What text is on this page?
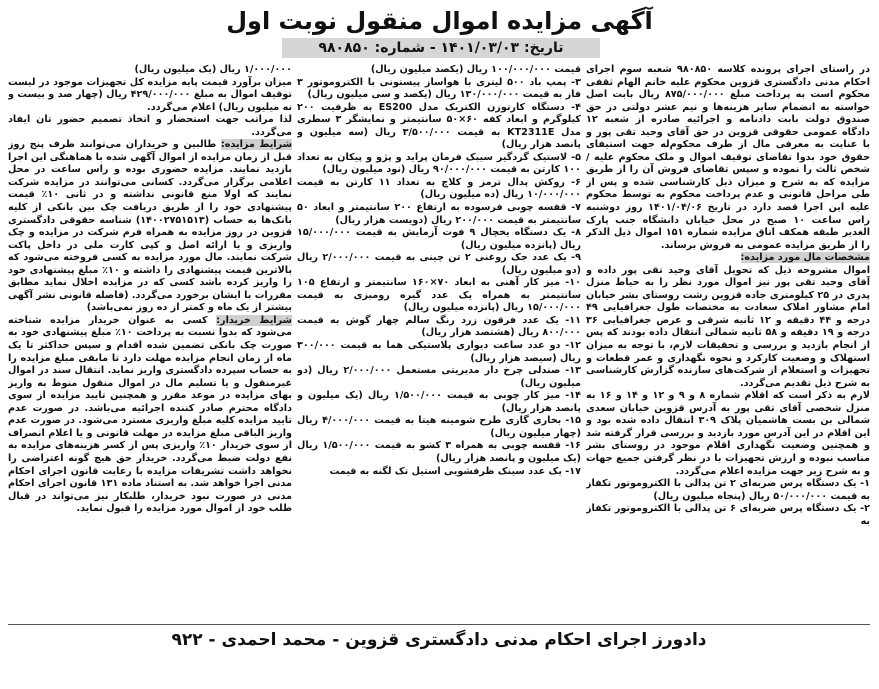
آگهی مزایده اموال منقول نوبت اول
تاریخ: ۱۴۰۱/۰۳/۰۳ - شماره: ۹۸۰۸۵۰

در راستای اجرای پرونده کلاسه ۹۸۰۸۵۰ شعبه سوم اجرای احکام مدنی دادگستری قزوین محکوم علیه خانم الهام ثقفی محکوم است به پرداخت مبلغ ۸۷۵/۰۰۰/۰۰۰ ریال بابت اصل خواسته به انضمام سایر هزینه‌ها و نیم عشر دولتی در حق صندوق دولت بابت دادنامه و اجرائیه صادره از شعبه ۱۲ دادگاه عمومی حقوقی قزوین در حق آقای وحید تقی پور و با عنایت به معرفی مال از طرف محکوم‌له جهت استیفای حقوق خود بدوا تقاضای توقیف اموال و ملک محکوم علیه / شخص ثالث را نموده و سپس تقاضای فروش آن را از طریق مزایده که به شرح و میزان ذیل کارشناسی شده و پس از طی مراحل قانونی و عدم پرداخت محکوم به توسط محکوم علیه این اجرا قصد دارد در تاریخ ۱۴۰۱/۰۴/۰۶ روز دوشنبه راس ساعت ۱۰ صبح در محل خیابان دانشگاه جنب پارک الغدیر طبقه همکف اتاق مزایده شماره ۱۵۱ اموال ذیل الذکر را از طریق مزایده عمومی به فروش برساند.

مشخصات مال مورد مزایده:

اموال مشروحه ذیل که تحویل آقای وحید تقی پور داده و آقای وحید تقی پور نیز اموال مورد نظر را به حیاط منزل پدری در ۲۵ کیلومتری جاده قزوین رشت روستای بشر خیابان امام مشاور املاک سعادت به مختصات طول جغرافیایی ۴۹ درجه و ۴۴ دقیقه و ۱۲ ثانیه شرقی و عرض جغرافیایی ۳۶ درجه و ۱۹ دقیقه و ۵۸ ثانیه شمالی انتقال داده بودند که پس از انجام بازدید و بررسی و تحقیقات لازم، با توجه به میزان استهلاک و وضعیت کارکرد و نحوه نگهداری و عمر قطعات و تجهیزات و استعلام از شرکت‌های سازنده گزارش کارشناسی به شرح ذیل تقدیم می‌گردد.

لازم به ذکر است که اقلام شماره ۸ و ۹ و ۱۲ و ۱۴ و ۱۶ به منزل شخصی آقای تقی پور به آدرس قزوین خیابان سعدی شمالی بن بست هاشمیان پلاک ۳۰۹ انتقال داده شده بود و این اقلام در این آدرس مورد بازدید و بررسی قرار گرفته شد و همچنین وضعیت نگهداری اقلام موجود در روستای بشر مناسب نبوده و ارزش تجهیزات با در نظر گرفتن جمیع جهات و به شرح زیر جهت مزایده اعلام می‌گردد.

۱- یک دستگاه پرس ضربه‌ای ۲ تن پدالی با الکتروموتور تکفاز به قیمت ۵۰/۰۰۰/۰۰۰ ریال (پنجاه میلیون ریال)

۲- یک دستگاه پرس ضربه‌ای ۶ تن پدالی با الکتروموتور تکفاز به

قیمت ۱۰۰/۰۰۰/۰۰۰ ریال (یکصد میلیون ریال)

۳- پمپ باد ۵۰۰ لیتری با هواساز پیستونی با الکتروموتور ۳ فاز به قیمت ۱۳۰/۰۰۰/۰۰۰ ریال (یکصد و سی میلیون ریال)

۴- دستگاه کارتوزن الکتریک مدل ES200 به ظرفیت ۲۰۰ کیلوگرم و ابعاد کفه ۶۰×۵۰ سانتیمتر و نمایشگر ۳ سطری مدل KT2311E به قیمت ۳/۵۰۰/۰۰۰ ریال (سه میلیون و پانصد هزار ریال)

۵- لاستیک گردگیر سیبک فرمان پراید و پژو و پیکان به تعداد ۱۰۰ کارتن به قیمت ۹۰/۰۰۰/۰۰۰ ریال (نود میلیون ریال)

۶- روکش پدال ترمز و کلاچ به تعداد ۱۱ کارتن به قیمت ۱۰/۰۰۰/۰۰۰ ریال (ده میلیون ریال)

۷- قفسه چوبی فرسوده به ارتفاع ۲۰۰ سانتیمتر و ابعاد ۵۰ سانتیمتر به قیمت ۲۰۰/۰۰۰ ریال (دویست هزار ریال)

۸- یک دستگاه یخچال ۹ فوت آزمایش به قیمت ۱۵/۰۰۰/۰۰۰ ریال (پانزده میلیون ریال)

۹- یک عدد جک روغنی ۲ تن چینی به قیمت ۲/۰۰۰/۰۰۰ ریال (دو میلیون ریال)

۱۰- میز کار آهنی به ابعاد ۷۰×۱۶۰ سانتیمتر و ارتفاع ۱۰۵ سانتیمتر به همراه یک عدد گیره رومیزی به قیمت ۱۵/۰۰۰/۰۰۰ ریال (پانزده میلیون ریال)

۱۱- یک عدد فرقون زرد رنگ سالم چهار گوش به قیمت ۸۰۰/۰۰۰ ریال (هشتصد هزار ریال)

۱۲- دو عدد ساعت دیواری پلاستیکی هما به قیمت ۳۰۰/۰۰۰ ریال (سیصد هزار ریال)

۱۳- صندلی چرخ دار مدیریتی مستعمل ۲/۰۰۰/۰۰۰ ریال (دو میلیون ریال)

۱۴- میز کار چوبی به قیمت ۱/۵۰۰/۰۰۰ ریال (یک میلیون و پانصد هزار ریال)

۱۵- بخاری گازی طرح شومینه هیتا به قیمت ۴/۰۰۰/۰۰۰ ریال (چهار میلیون ریال)

۱۶- قفسه چوبی به همراه ۳ کشو به قیمت ۱/۵۰۰/۰۰۰ ریال (یک میلیون و پانصد هزار ریال)

۱۷- یک عدد سینک ظرفشویی استیل تک لگنه به قیمت

۱/۰۰۰/۰۰۰ ریال (یک میلیون ریال)

میزان برآورد قیمت پایه مزایده کل تجهیزات موجود در لیست توقیف اموال به مبلغ ۴۲۹/۰۰۰/۰۰۰ ریال (چهار صد و بیست و نه میلیون ریال) اعلام می‌گردد.

لذا مراتب جهت استحضار و اتخاذ تصمیم حضور تان ایفاد می‌گردد.

شرایط مزایده: طالبین و خریداران می‌توانند ظرف پنج روز قبل از زمان مزایده از اموال آگهی شده با هماهنگی این اجرا بازدید نمایند. مزایده حضوری بوده و راس ساعت در محل اعلامی برگزار می‌گردد. کسانی می‌توانند در مزایده شرکت نمایند که اولا منع قانونی نداشته و در ثانی ۱۰٪ قیمت پیشنهادی خود را از طریق دریافت چک بین بانکی از کلیه بانک‌ها به حساب (۱۴۰۰۲۷۵۱۵۱۳) شناسه حقوقی دادگستری قزوین در روز مزایده به همراه فرم شرکت در مزایده و چک واریزی و یا ارائه اصل و کپی کارت ملی در داخل پاکت شرکت نمایند. مال مورد مزایده به کسی فروخته می‌شود که بالاترین قیمت پیشنهادی را داشته و ۱۰٪ مبلغ پیشنهادی خود را واریز کرده باشد کسی که در مزایده اخلال نماید مطابق مقررات با ایشان برخورد می‌گردد. (فاصله قانونی نشر آگهی بیشتر از یک ماه و کمتر از ده روز نمی‌باشد)

شرایط خریدار: کسی به عنوان خریدار مزایده شناخته می‌شود که بدوا نسبت به پرداخت ۱۰٪ مبلغ پیشنهادی خود به صورت چک بانکی تضمین شده اقدام و سپس حداکثر تا یک ماه از زمان انجام مزایده مهلت دارد تا مابقی مبلغ مزایده را به حساب سپرده دادگستری واریز نماید. انتقال سند در اموال غیرمنقول و یا تسلیم مال در اموال منقول منوط به واریز بهای مزایده در موعد مقرر و همچنین تایید مزایده از سوی دادگاه محترم صادر کننده اجرائیه می‌باشد. در صورت عدم تایید مزایده کلیه مبلغ واریزی مسترد می‌شود. در صورت عدم واریز الباقی مبلغ مزایده در مهلت قانونی و یا اعلام انصراف از سوی خریدار ۱۰٪ واریزی پس از کسر هزینه‌های مزایده به نفع دولت ضبط می‌گردد. خریدار حق هیچ گونه اعتراضی را نخواهد داشت تشریفات مزایده با رعایت قانون اجرای احکام مدنی اجرا خواهد شد. به استناد ماده ۱۳۱ قانون اجرای احکام مدنی در صورت نبود خریدار، طلبکار نیز می‌تواند در قبال طلب خود از اموال مورد مزایده را قبول نماید.

دادورز اجرای احکام مدنی دادگستری قزوین - محمد احمدی - ۹۲۲
